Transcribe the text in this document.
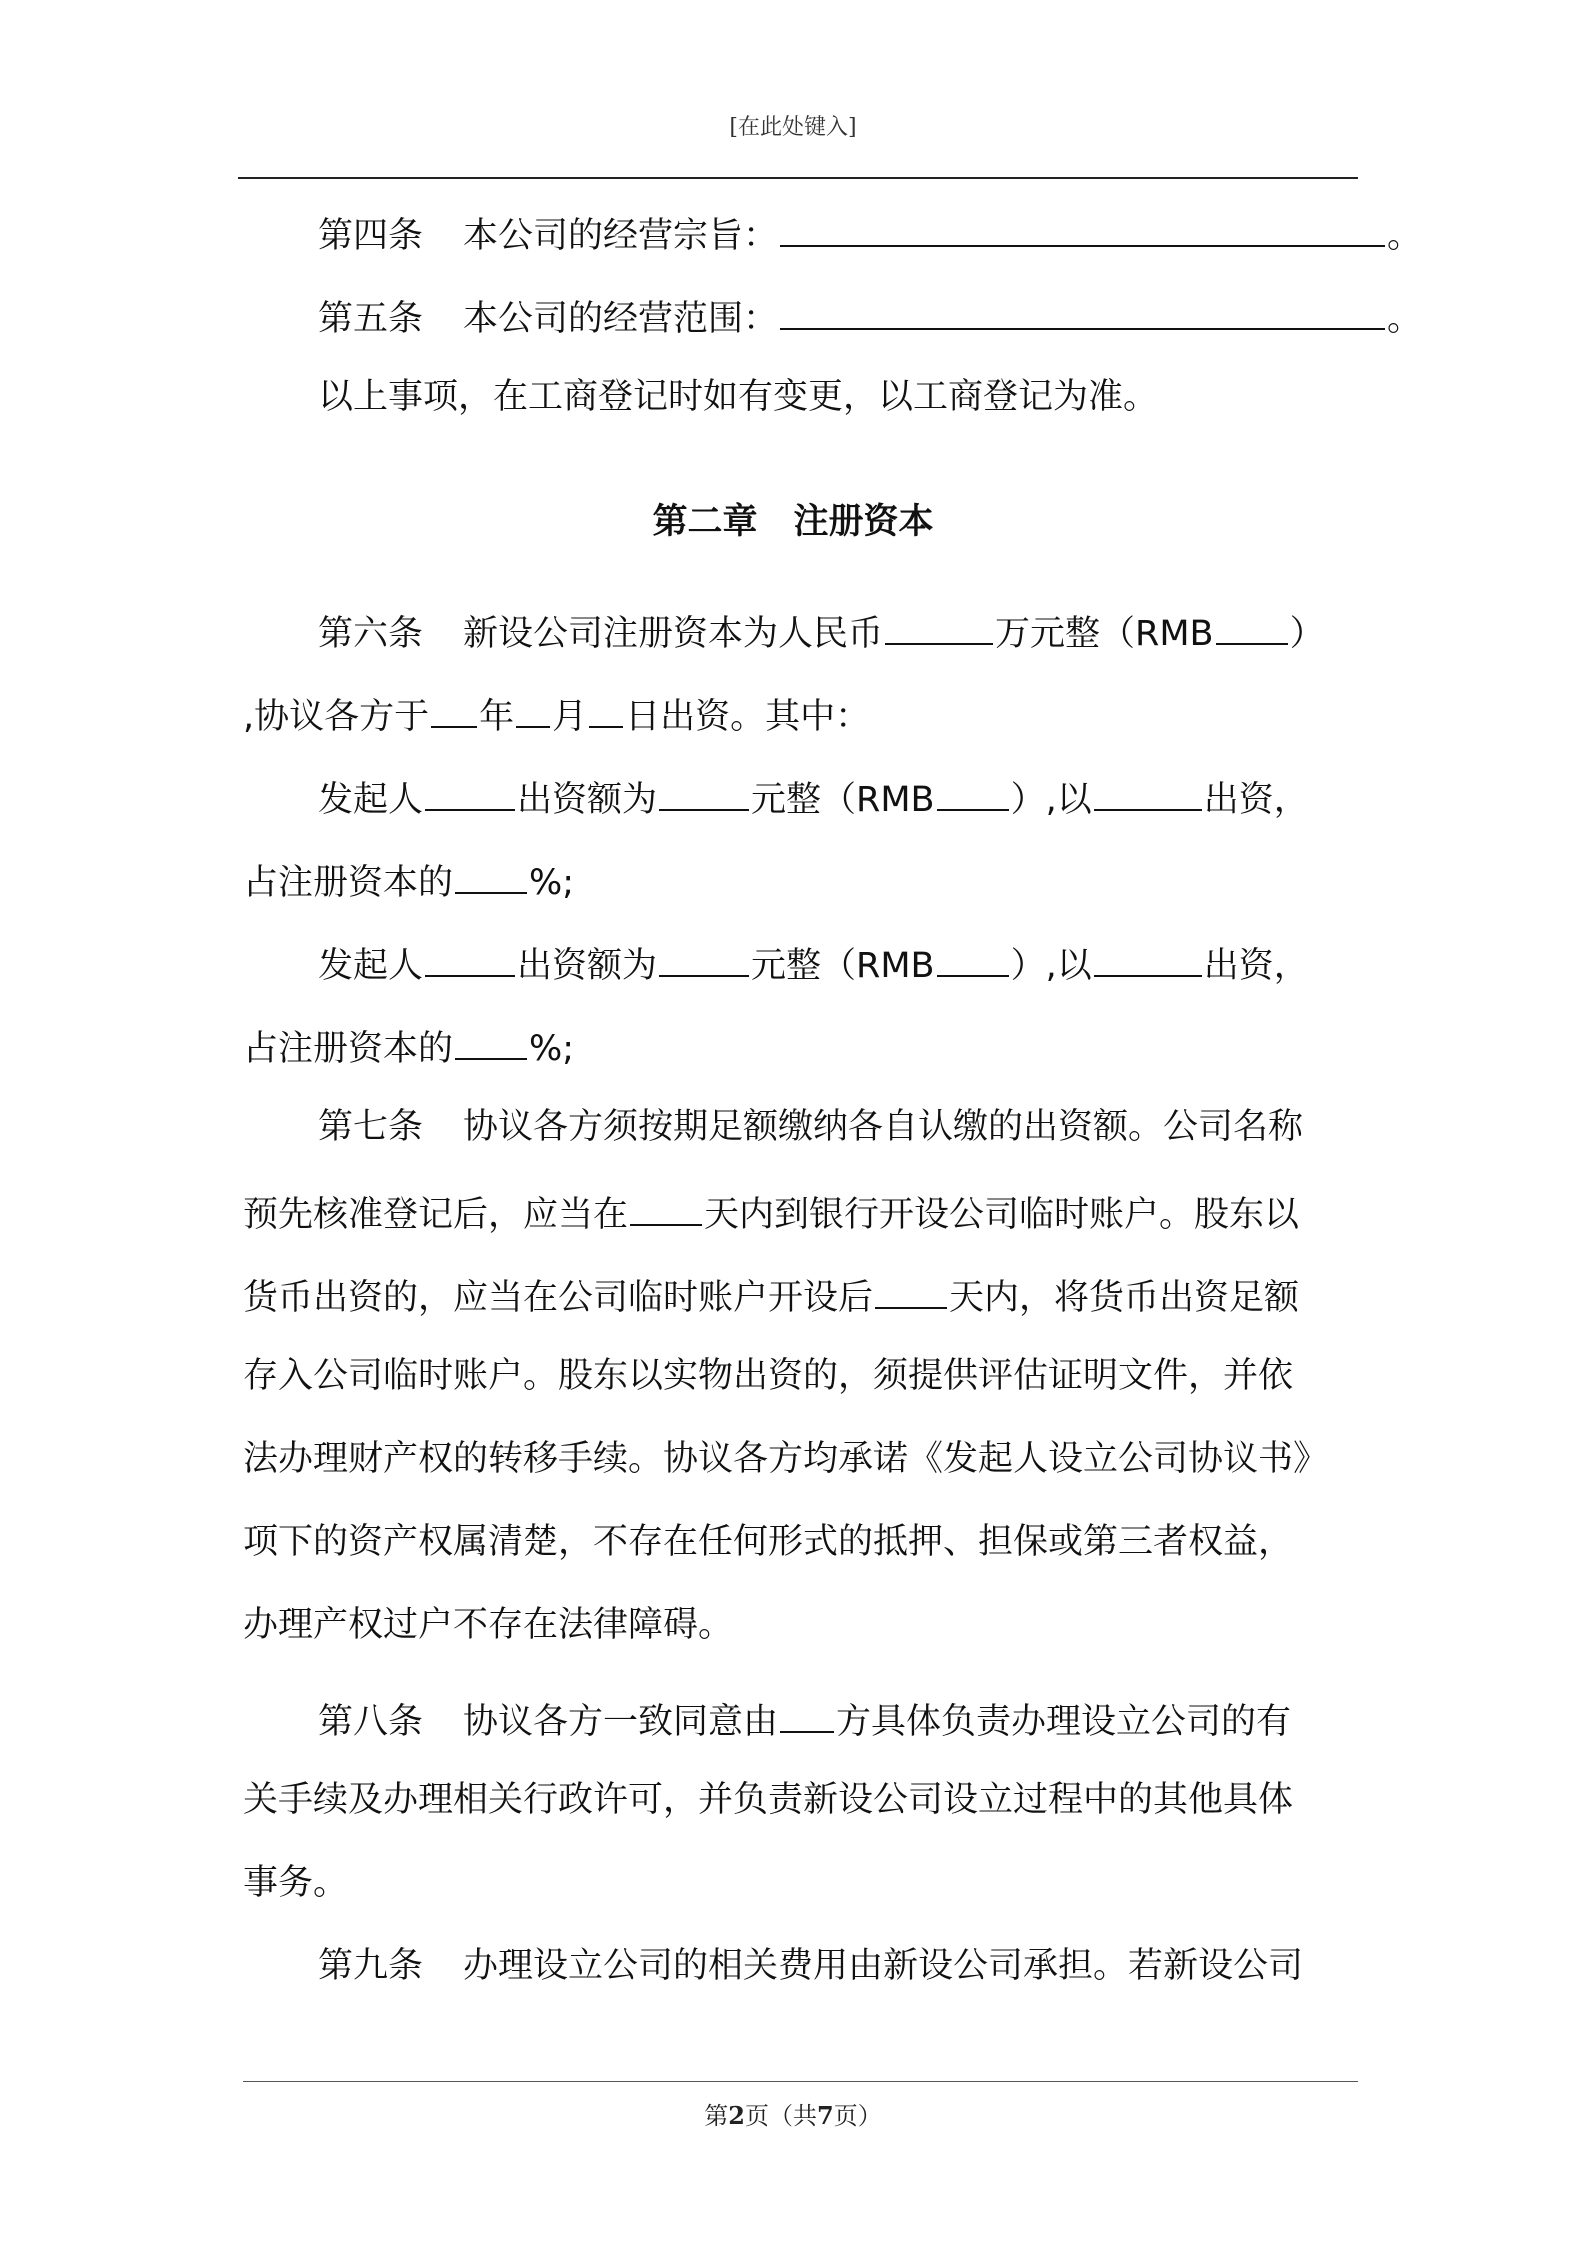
[在此处键入]
第四条 本公司的经营宗旨：	。
第五条 本公司的经营范围：	。
以上事项，在工商登记时如有变更，以工商登记为准。
第二章 注册资本
第六条 新设公司注册资本为人民币	万元整（RMB ）
,协议各方于 年 月 日出资。其中：
发起人	出资额为	元整（RMB ）,以	出资，
占注册资本的 %;
发起人	出资额为	元整（RMB ）,以	出资，
占注册资本的 %;
第七条 协议各方须按期足额缴纳各自认缴的出资额。公司名称
预先核准登记后，应当在 天内到银行开设公司临时账户。股东以
货币出资的，应当在公司临时账户开设后 天内，将货币出资足额
存入公司临时账户。股东以实物出资的，须提供评估证明文件，并依
法办理财产权的转移手续。协议各方均承诺《发起人设立公司协议书》
项下的资产权属清楚，不存在任何形式的抵押、担保或第三者权益，
办理产权过户不存在法律障碍。
第八条 协议各方一致同意由 方具体负责办理设立公司的有
关手续及办理相关行政许可，并负责新设公司设立过程中的其他具体
事务。
第九条 办理设立公司的相关费用由新设公司承担。若新设公司
第2页（共7页）
